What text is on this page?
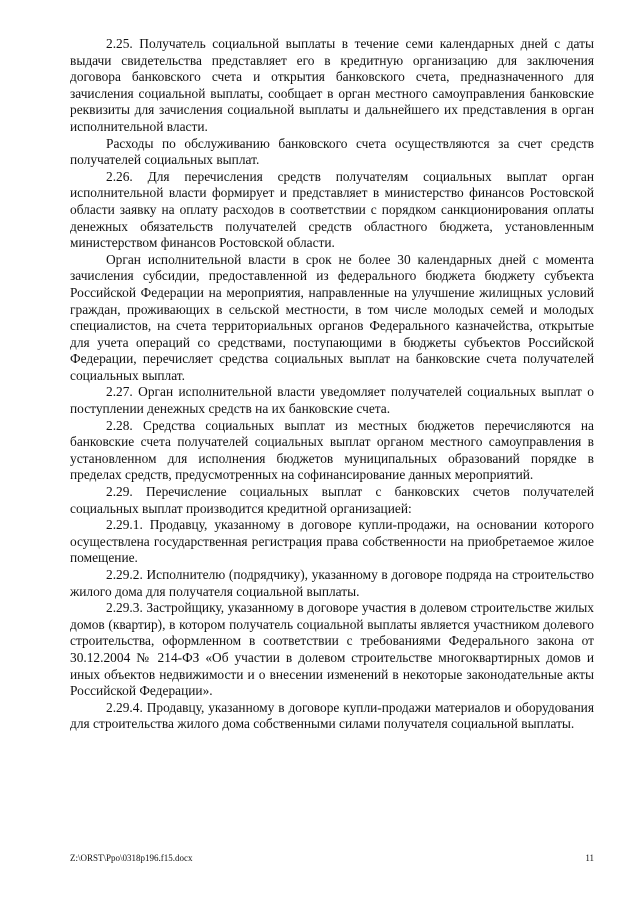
2.25. Получатель социальной выплаты в течение семи календарных дней с даты выдачи свидетельства представляет его в кредитную организацию для заключения договора банковского счета и открытия банковского счета, предназначенного для зачисления социальной выплаты, сообщает в орган местного самоуправления банковские реквизиты для зачисления социальной выплаты и дальнейшего их представления в орган исполнительной власти.

Расходы по обслуживанию банковского счета осуществляются за счет средств получателей социальных выплат.

2.26. Для перечисления средств получателям социальных выплат орган исполнительной власти формирует и представляет в министерство финансов Ростовской области заявку на оплату расходов в соответствии с порядком санкционирования оплаты денежных обязательств получателей средств областного бюджета, установленным министерством финансов Ростовской области.

Орган исполнительной власти в срок не более 30 календарных дней с момента зачисления субсидии, предоставленной из федерального бюджета бюджету субъекта Российской Федерации на мероприятия, направленные на улучшение жилищных условий граждан, проживающих в сельской местности, в том числе молодых семей и молодых специалистов, на счета территориальных органов Федерального казначейства, открытые для учета операций со средствами, поступающими в бюджеты субъектов Российской Федерации, перечисляет средства социальных выплат на банковские счета получателей социальных выплат.

2.27. Орган исполнительной власти уведомляет получателей социальных выплат о поступлении денежных средств на их банковские счета.

2.28. Средства социальных выплат из местных бюджетов перечисляются на банковские счета получателей социальных выплат органом местного самоуправления в установленном для исполнения бюджетов муниципальных образований порядке в пределах средств, предусмотренных на софинансирование данных мероприятий.

2.29. Перечисление социальных выплат с банковских счетов получателей социальных выплат производится кредитной организацией:

2.29.1. Продавцу, указанному в договоре купли-продажи, на основании которого осуществлена государственная регистрация права собственности на приобретаемое жилое помещение.

2.29.2. Исполнителю (подрядчику), указанному в договоре подряда на строительство жилого дома для получателя социальной выплаты.

2.29.3. Застройщику, указанному в договоре участия в долевом строительстве жилых домов (квартир), в котором получатель социальной выплаты является участником долевого строительства, оформленном в соответствии с требованиями Федерального закона от 30.12.2004 № 214-ФЗ «Об участии в долевом строительстве многоквартирных домов и иных объектов недвижимости и о внесении изменений в некоторые законодательные акты Российской Федерации».

2.29.4. Продавцу, указанному в договоре купли-продажи материалов и оборудования для строительства жилого дома собственными силами получателя социальной выплаты.

Z:\ORST\Ppo\0318p196.f15.docx	11
